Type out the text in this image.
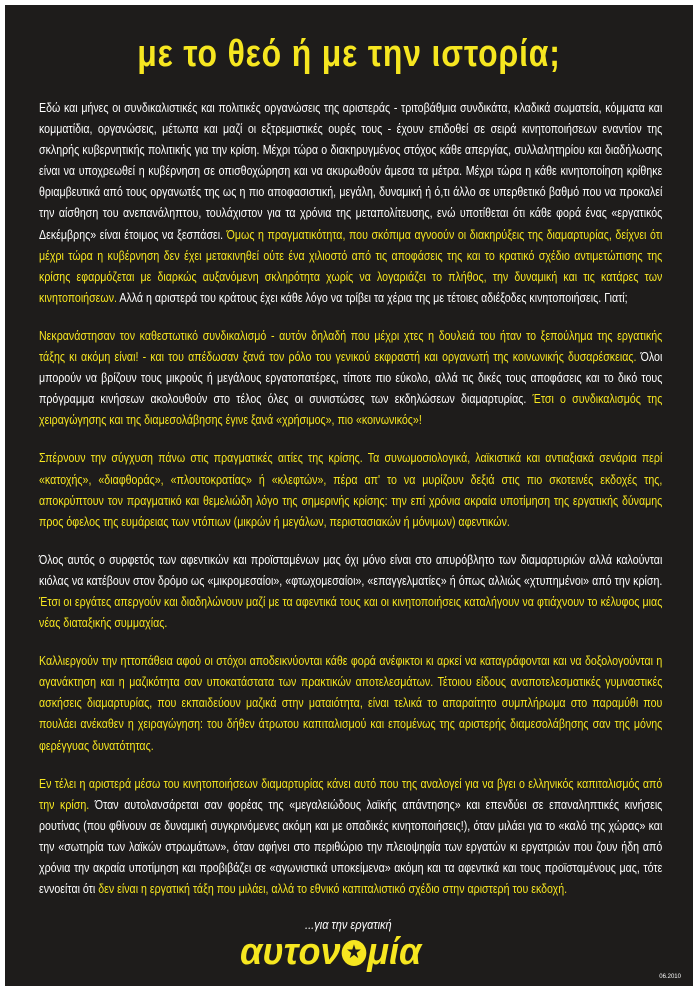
με το θεό ή με την ιστορία;

Εδώ και μήνες οι συνδικαλιστικές και πολιτικές οργανώσεις της αριστεράς - τριτοβάθμια συνδικάτα, κλαδικά σωματεία, κόμματα και κομματίδια, οργανώσεις, μέτωπα και μαζί οι εξτρεμιστικές ουρές τους - έχουν επιδοθεί σε σειρά κινητοποιήσεων εναντίον της σκληρής κυβερνητικής πολιτικής για την κρίση. Μέχρι τώρα ο διακηρυγμένος στόχος κάθε απεργίας, συλλαλητηρίου και διαδήλωσης είναι να υποχρεωθεί η κυβέρνηση σε οπισθοχώρηση και να ακυρωθούν άμεσα τα μέτρα. Μέχρι τώρα η κάθε κινητοποίηση κρίθηκε θριαμβευτικά από τους οργανωτές της ως η πιο αποφασιστική, μεγάλη, δυναμική ή ό,τι άλλο σε υπερθετικό βαθμό που να προκαλεί την αίσθηση του ανεπανάληπτου, τουλάχιστον για τα χρόνια της μεταπολίτευσης, ενώ υποτίθεται ότι κάθε φορά ένας «εργατικός Δεκέμβρης» είναι έτοιμος να ξεσπάσει. Όμως η πραγματικότητα, που σκόπιμα αγνοούν οι διακηρύξεις της διαμαρτυρίας, δείχνει ότι μέχρι τώρα η κυβέρνηση δεν έχει μετακινηθεί ούτε ένα χιλιοστό από τις αποφάσεις της και το κρατικό σχέδιο αντιμετώπισης της κρίσης εφαρμόζεται με διαρκώς αυξανόμενη σκληρότητα χωρίς να λογαριάζει το πλήθος, την δυναμική και τις κατάρες των κινητοποιήσεων. Αλλά η αριστερά του κράτους έχει κάθε λόγο να τρίβει τα χέρια της με τέτοιες αδιέξοδες κινητοποιήσεις. Γιατί;

Νεκρανάστησαν τον καθεστωτικό συνδικαλισμό - αυτόν δηλαδή που μέχρι χτες η δουλειά του ήταν το ξεπούλημα της εργατικής τάξης κι ακόμη είναι! - και του απέδωσαν ξανά τον ρόλο του γενικού εκφραστή και οργανωτή της κοινωνικής δυσαρέσκειας. Όλοι μπορούν να βρίζουν τους μικρούς ή μεγάλους εργατοπατέρες, τίποτε πιο εύκολο, αλλά τις δικές τους αποφάσεις και το δικό τους πρόγραμμα κινήσεων ακολουθούν στο τέλος όλες οι συνιστώσες των εκδηλώσεων διαμαρτυρίας. Έτσι ο συνδικαλισμός της χειραγώγησης και της διαμεσολάβησης έγινε ξανά «χρήσιμος», πιο «κοινωνικός»!

Σπέρνουν την σύγχυση πάνω στις πραγματικές αιτίες της κρίσης. Τα συνωμοσιολογικά, λαϊκιστικά και αντιαξιακά σενάρια περί «κατοχής», «διαφθοράς», «πλουτοκρατίας» ή «κλεφτών», πέρα απ' το να μυρίζουν δεξιά στις πιο σκοτεινές εκδοχές της, αποκρύπτουν τον πραγματικό και θεμελιώδη λόγο της σημερινής κρίσης: την επί χρόνια ακραία υποτίμηση της εργατικής δύναμης προς όφελος της ευμάρειας των ντόπιων (μικρών ή μεγάλων, περιστασιακών ή μόνιμων) αφεντικών.

Όλος αυτός ο συρφετός των αφεντικών και προϊσταμένων μας όχι μόνο είναι στο απυρόβλητο των διαμαρτυριών αλλά καλούνται κιόλας να κατέβουν στον δρόμο ως «μικρομεσαίοι», «φτωχομεσαίοι», «επαγγελματίες» ή όπως αλλιώς «χτυπημένοι» από την κρίση. Έτσι οι εργάτες απεργούν και διαδηλώνουν μαζί με τα αφεντικά τους και οι κινητοποιήσεις καταλήγουν να φτιάχνουν το κέλυφος μιας νέας διαταξικής συμμαχίας.

Καλλιεργούν την ηττοπάθεια αφού οι στόχοι αποδεικνύονται κάθε φορά ανέφικτοι κι αρκεί να καταγράφονται και να δοξολογούνται η αγανάκτηση και η μαζικότητα σαν υποκατάστατα των πρακτικών αποτελεσμάτων. Τέτοιου είδους αναποτελεσματικές γυμναστικές ασκήσεις διαμαρτυρίας, που εκπαιδεύουν μαζικά στην ματαιότητα, είναι τελικά το απαραίτητο συμπλήρωμα στο παραμύθι που πουλάει ανέκαθεν η χειραγώγηση: του δήθεν άτρωτου καπιταλισμού και επομένως της αριστερής διαμεσολάβησης σαν της μόνης φερέγγυας δυνατότητας.

Εν τέλει η αριστερά μέσω του κινητοποιήσεων διαμαρτυρίας κάνει αυτό που της αναλογεί για να βγει ο ελληνικός καπιταλισμός από την κρίση. Όταν αυτολανσάρεται σαν φορέας της «μεγαλειώδους λαϊκής απάντησης» και επενδύει σε επαναληπτικές κινήσεις ρουτίνας (που φθίνουν σε δυναμική συγκρινόμενες ακόμη και με οπαδικές κινητοποιήσεις!), όταν μιλάει για το «καλό της χώρας» και την «σωτηρία των λαϊκών στρωμάτων», όταν αφήνει στο περιθώριο την πλειοψηφία των εργατών κι εργατριών που ζουν ήδη από χρόνια την ακραία υποτίμηση και προβιβάζει σε «αγωνιστικά υποκείμενα» ακόμη και τα αφεντικά και τους προϊσταμένους μας, τότε εννοείται ότι δεν είναι η εργατική τάξη που μιλάει, αλλά το εθνικό καπιταλιστικό σχέδιο στην αριστερή του εκδοχή.

...για την εργατική
αυτον★ μία
06.2010
